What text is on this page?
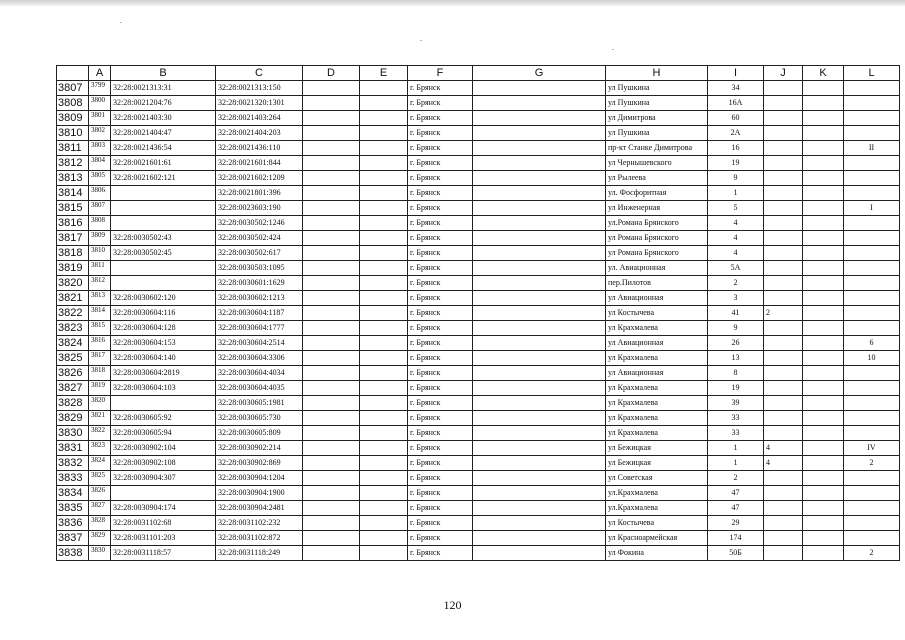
	A	B	C	D	E	F	G	H	I	J	K	L
3807	3799	32:28:0021313:31	32:28:0021313:150			г. Брянск		ул Пушкина	34			
3808	3800	32:28:0021204:76	32:28:0021320:1301			г. Брянск		ул Пушкина	16А			
3809	3801	32:28:0021403:30	32:28:0021403:264			г. Брянск		ул Димитрова	60			
3810	3802	32:28:0021404:47	32:28:0021404:203			г. Брянск		ул Пушкина	2А			
3811	3803	32:28:0021436:54	32:28:0021436:110			г. Брянск		пр-кт Станке Димитрова	16			II
3812	3804	32:28:0021601:61	32:28:0021601:844			г. Брянск		ул Чернышевского	19			
3813	3805	32:28:0021602:121	32:28:0021602:1209			г. Брянск		ул Рылеева	9			
3814	3806		32:28:0021801:396			г. Брянск		ул. Фосфоритная	1			
3815	3807		32:28:0023603:190			г. Брянск		ул Инженерная	5			I
3816	3808		32:28:0030502:1246			г. Брянск		ул.Романа Брянского	4			
3817	3809	32:28:0030502:43	32:28:0030502:424			г. Брянск		ул Романа Брянского	4			
3818	3810	32:28:0030502:45	32:28:0030502:617			г. Брянск		ул Романа Брянского	4			
3819	3811		32:28:0030503:1095			г. Брянск		ул. Авиационная	5А			
3820	3812		32:28:0030601:1629			г. Брянск		пер.Пилотов	2			
3821	3813	32:28:0030602:120	32:28:0030602:1213			г. Брянск		ул Авиационная	3			
3822	3814	32:28:0030604:116	32:28:0030604:1187			г. Брянск		ул Костычева	41	2		
3823	3815	32:28:0030604:128	32:28:0030604:1777			г. Брянск		ул Крахмалева	9			
3824	3816	32:28:0030604:153	32:28:0030604:2514			г. Брянск		ул Авиационная	26			6
3825	3817	32:28:0030604:140	32:28:0030604:3306			г. Брянск		ул Крахмалева	13			10
3826	3818	32:28:0030604:2819	32:28:0030604:4034			г. Брянск		ул Авиационная	8			
3827	3819	32:28:0030604:103	32:28:0030604:4035			г. Брянск		ул Крахмалева	19			
3828	3820		32:28:0030605:1981			г. Брянск		ул Крахмалева	39			
3829	3821	32:28:0030605:92	32:28:0030605:730			г. Брянск		ул Крахмалева	33			
3830	3822	32:28:0030605:94	32:28:0030605:809			г. Брянск		ул Крахмалева	33			
3831	3823	32:28:0030902:104	32:28:0030902:214			г. Брянск		ул Бежицкая	1	4		IV
3832	3824	32:28:0030902:108	32:28:0030902:869			г. Брянск		ул Бежицкая	1	4		2
3833	3825	32:28:0030904:307	32:28:0030904:1204			г. Брянск		ул Советская	2			
3834	3826		32:28:0030904:1900			г. Брянск		ул.Крахмалева	47			
3835	3827	32:28:0030904:174	32:28:0030904:2481			г. Брянск		ул.Крахмалева	47			
3836	3828	32:28:0031102:68	32:28:0031102:232			г. Брянск		ул Костычева	29			
3837	3829	32:28:0031101:203	32:28:0031102:872			г. Брянск		ул Красноармейская	174			
3838	3830	32:28:0031118:57	32:28:0031118:249			г. Брянск		ул Фокина	50Б			2
120
